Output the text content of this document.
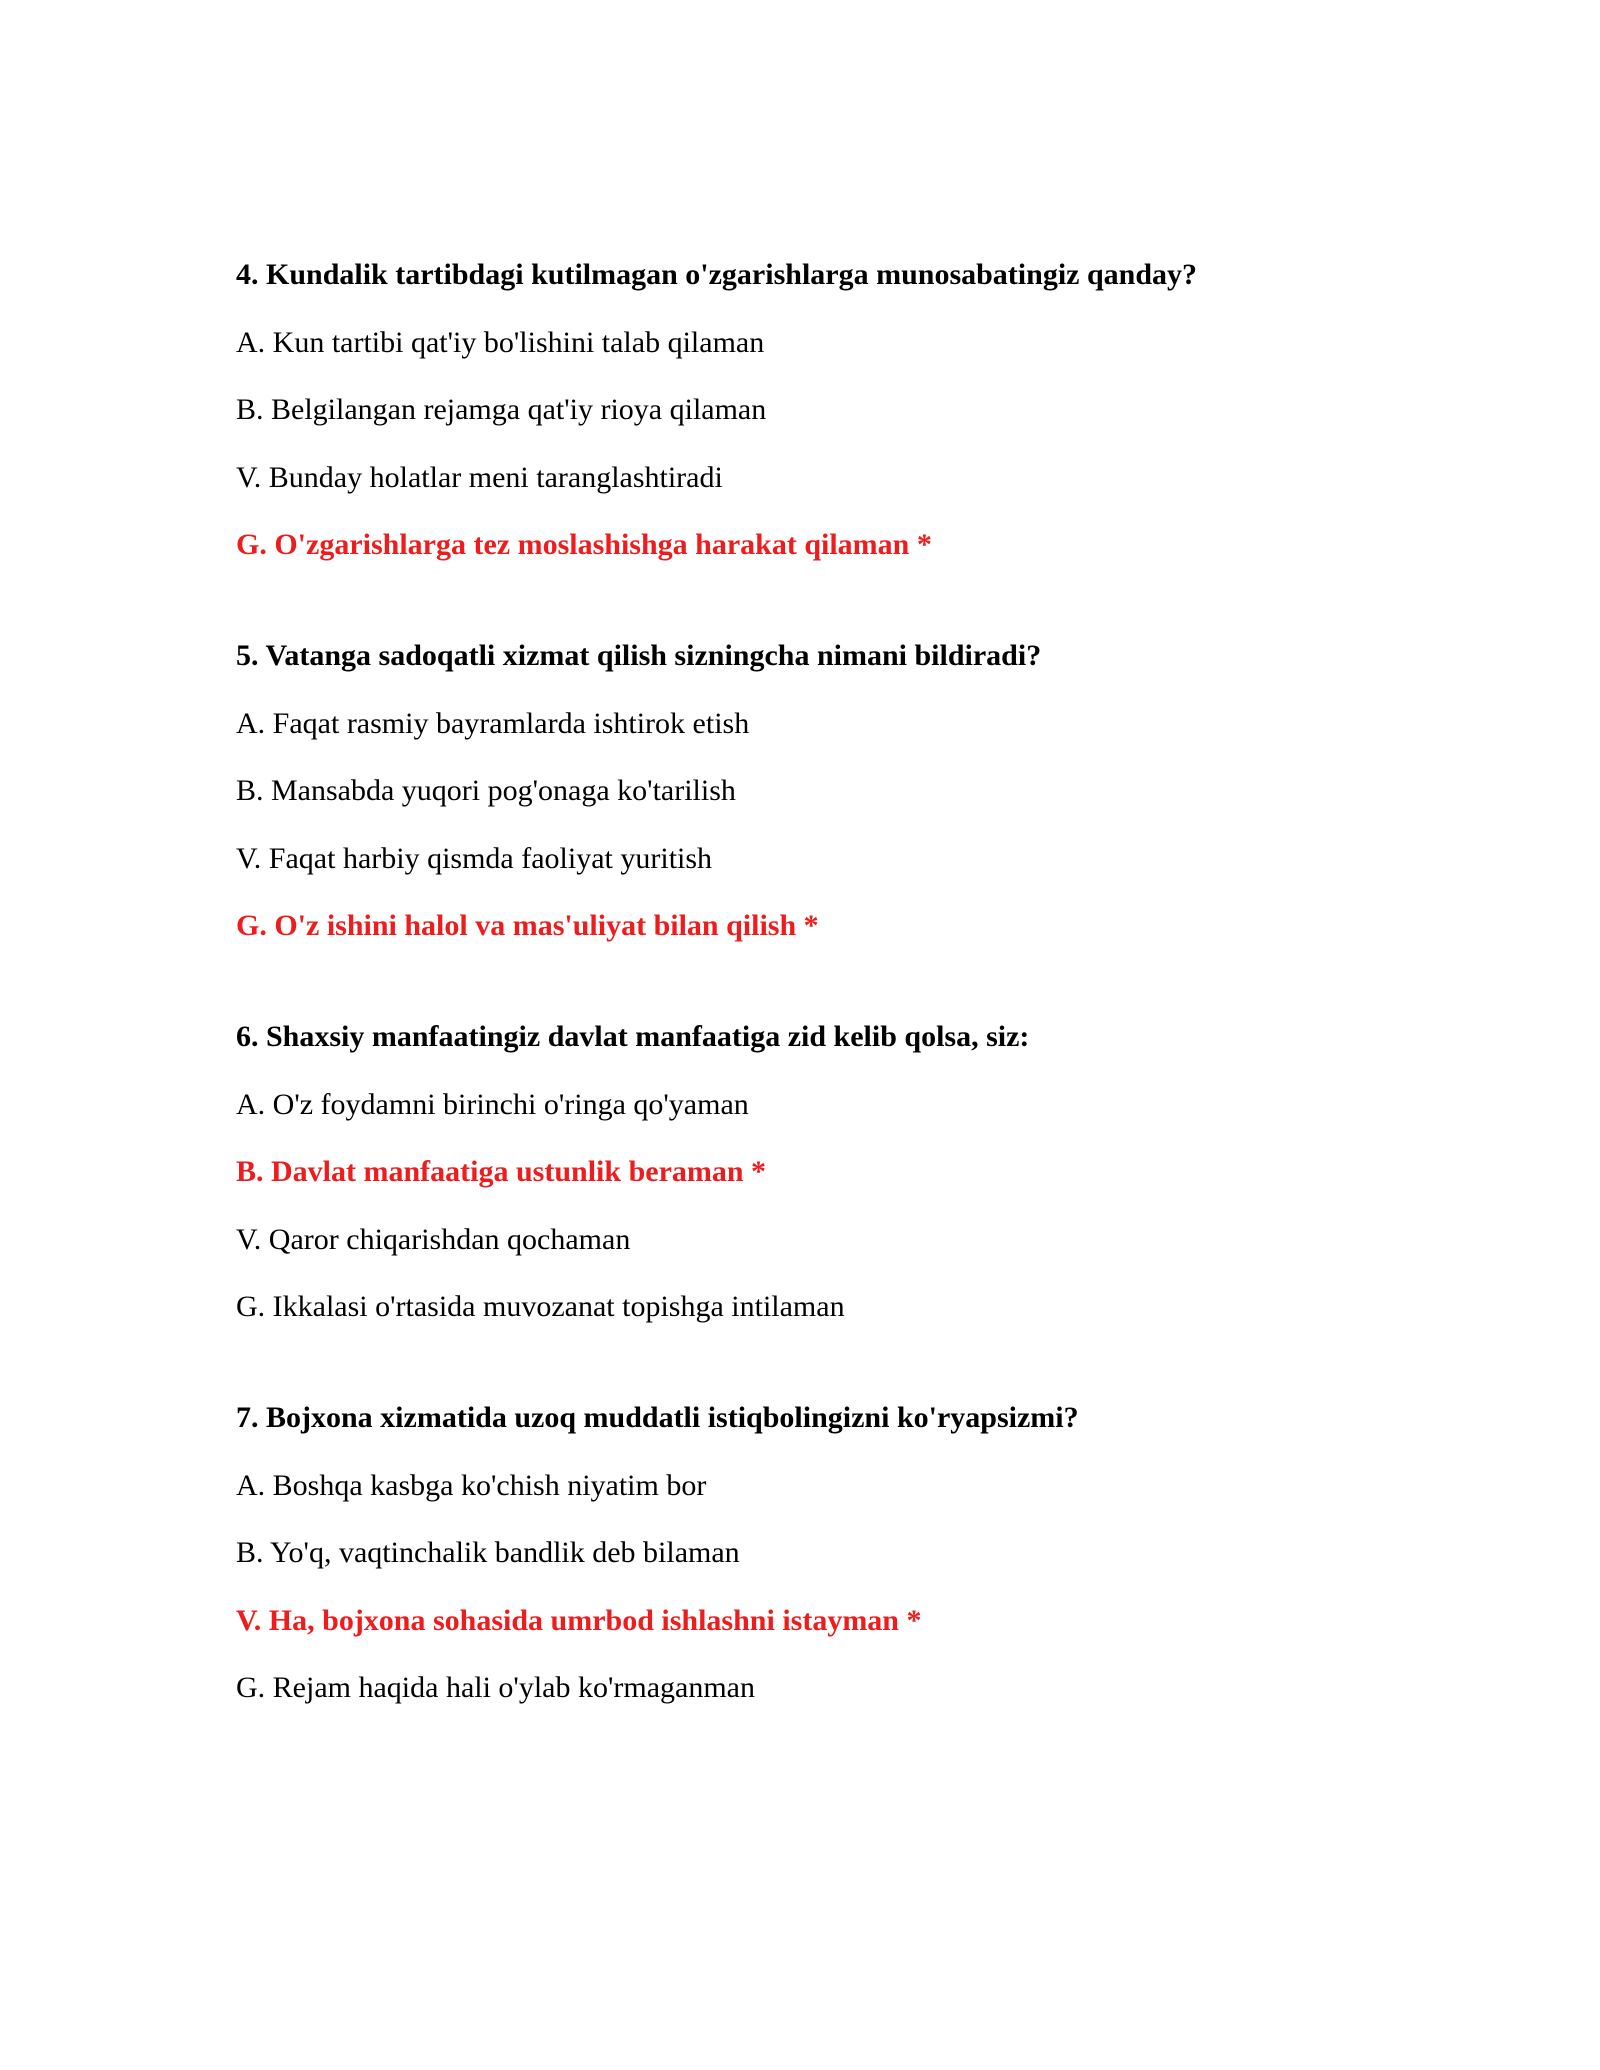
4. Kundalik tartibdagi kutilmagan o'zgarishlarga munosabatingiz qanday?
A. Kun tartibi qat'iy bo'lishini talab qilaman
B. Belgilangan rejamga qat'iy rioya qilaman
V. Bunday holatlar meni taranglashtiradi
G. O'zgarishlarga tez moslashishga harakat qilaman *
5. Vatanga sadoqatli xizmat qilish sizningcha nimani bildiradi?
A. Faqat rasmiy bayramlarda ishtirok etish
B. Mansabda yuqori pog'onaga ko'tarilish
V. Faqat harbiy qismda faoliyat yuritish
G. O'z ishini halol va mas'uliyat bilan qilish *
6. Shaxsiy manfaatingiz davlat manfaatiga zid kelib qolsa, siz:
A. O'z foydamni birinchi o'ringa qo'yaman
B. Davlat manfaatiga ustunlik beraman *
V. Qaror chiqarishdan qochaman
G. Ikkalasi o'rtasida muvozanat topishga intilaman
7. Bojxona xizmatida uzoq muddatli istiqbolingizni ko'ryapsizmi?
A. Boshqa kasbga ko'chish niyatim bor
B. Yo'q, vaqtinchalik bandlik deb bilaman
V. Ha, bojxona sohasida umrbod ishlashni istayman *
G. Rejam haqida hali o'ylab ko'rmaganman
